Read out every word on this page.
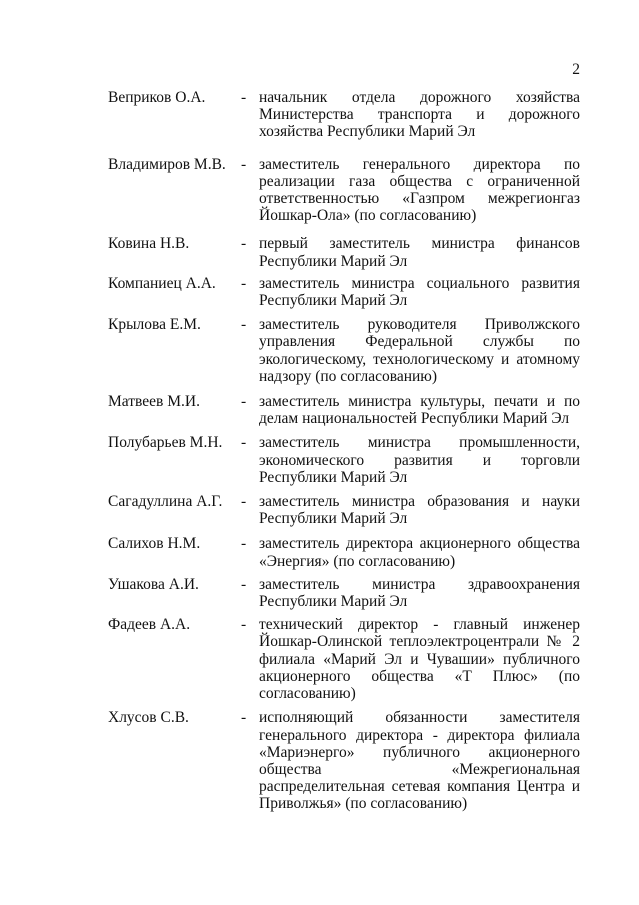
2
Веприков О.А.	- начальник отдела дорожного хозяйства Министерства транспорта и дорожного хозяйства Республики Марий Эл
Владимиров М.В. - заместитель генерального директора по реализации газа общества с ограниченной ответственностью «Газпром межрегионгаз Йошкар-Ола» (по согласованию)
Ковина Н.В.	- первый заместитель министра финансов Республики Марий Эл
Компаниец А.А.	- заместитель министра социального развития Республики Марий Эл
Крылова Е.М.	- заместитель руководителя Приволжского управления Федеральной службы по экологическому, технологическому и атомному надзору (по согласованию)
Матвеев М.И.	- заместитель министра культуры, печати и по делам национальностей Республики Марий Эл
Полубарьев М.Н.	- заместитель министра промышленности, экономического развития и торговли Республики Марий Эл
Сагадуллина А.Г.	- заместитель министра образования и науки Республики Марий Эл
Салихов Н.М.	- заместитель директора акционерного общества «Энергия» (по согласованию)
Ушакова А.И.	- заместитель министра здравоохранения Республики Марий Эл
Фадеев А.А.	- технический директор - главный инженер Йошкар-Олинской теплоэлектроцентрали № 2 филиала «Марий Эл и Чувашии» публичного акционерного общества «Т Плюс» (по согласованию)
Хлусов С.В.	- исполняющий обязанности заместителя генерального директора - директора филиала «Мариэнерго» публичного акционерного общества «Межрегиональная распределительная сетевая компания Центра и Приволжья» (по согласованию)
